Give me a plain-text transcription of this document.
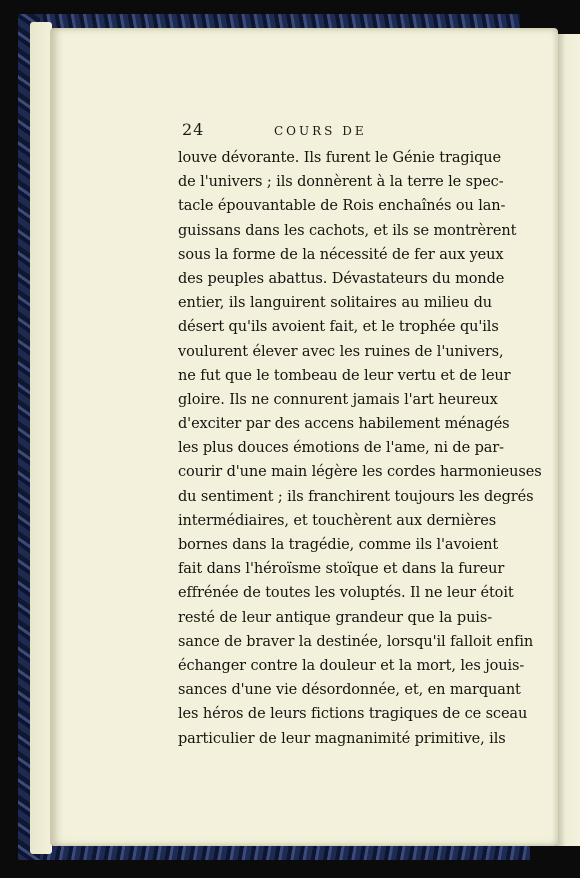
24	COURS DE
louve dévorante. Ils furent le Génie tragique
de l'univers ; ils donnèrent à la terre le spec-
tacle épouvantable de Rois enchaînés ou lan-
guissans dans les cachots, et ils se montrèrent
sous la forme de la nécessité de fer aux yeux
des peuples abattus. Dévastateurs du monde
entier, ils languirent solitaires au milieu du
désert qu'ils avoient fait, et le trophée qu'ils
voulurent élever avec les ruines de l'univers,
ne fut que le tombeau de leur vertu et de leur
gloire. Ils ne connurent jamais l'art heureux
d'exciter par des accens habilement ménagés
les plus douces émotions de l'ame, ni de par-
courir d'une main légère les cordes harmonieuses
du sentiment ; ils franchirent toujours les degrés
intermédiaires, et touchèrent aux dernières
bornes dans la tragédie, comme ils l'avoient
fait dans l'héroïsme stoïque et dans la fureur
effrénée de toutes les voluptés. Il ne leur étoit
resté de leur antique grandeur que la puis-
sance de braver la destinée, lorsqu'il falloit enfin
échanger contre la douleur et la mort, les jouis-
sances d'une vie désordonnée, et, en marquant
les héros de leurs fictions tragiques de ce sceau
particulier de leur magnanimité primitive, ils
